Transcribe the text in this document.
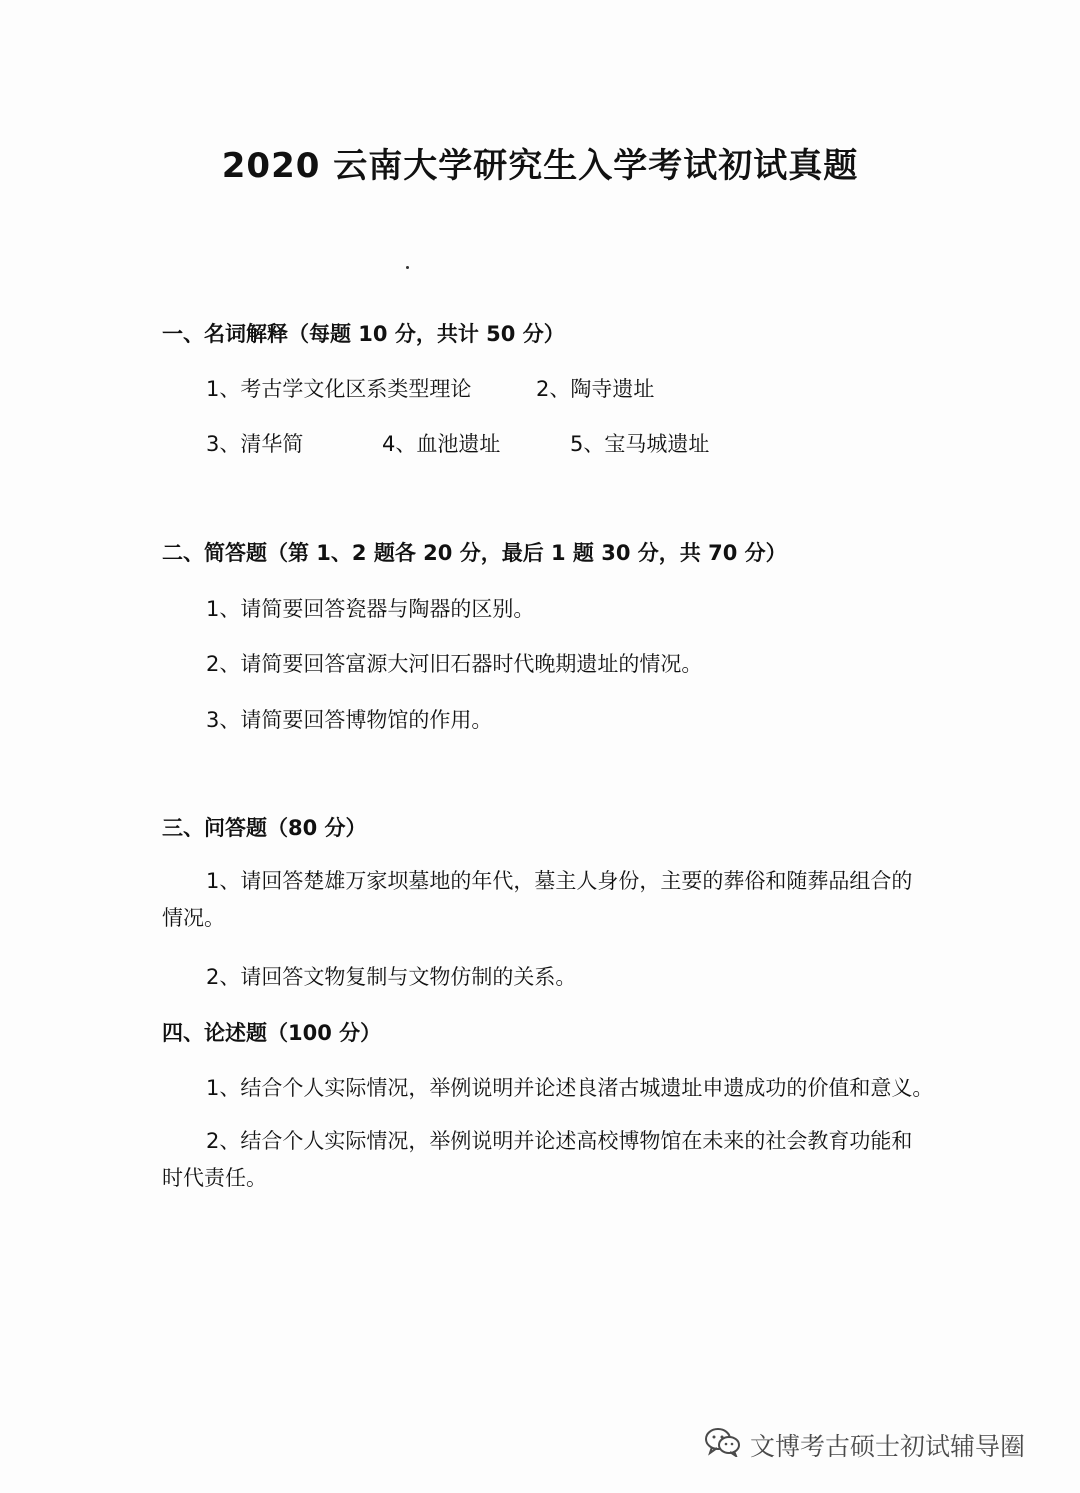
2020 云南大学研究生入学考试初试真题
一、名词解释（每题 10 分，共计 50 分）
1、考古学文化区系类型理论	2、陶寺遗址
3、清华简	4、血池遗址	5、宝马城遗址
二、简答题（第 1、2 题各 20 分，最后 1 题 30 分，共 70 分）
1、请简要回答瓷器与陶器的区别。
2、请简要回答富源大河旧石器时代晚期遗址的情况。
3、请简要回答博物馆的作用。
三、问答题（80 分）
1、请回答楚雄万家坝墓地的年代，墓主人身份，主要的葬俗和随葬品组合的情况。
2、请回答文物复制与文物仿制的关系。
四、论述题（100 分）
1、结合个人实际情况，举例说明并论述良渚古城遗址申遗成功的价值和意义。
2、结合个人实际情况，举例说明并论述高校博物馆在未来的社会教育功能和时代责任。
文博考古硕士初试辅导圈
